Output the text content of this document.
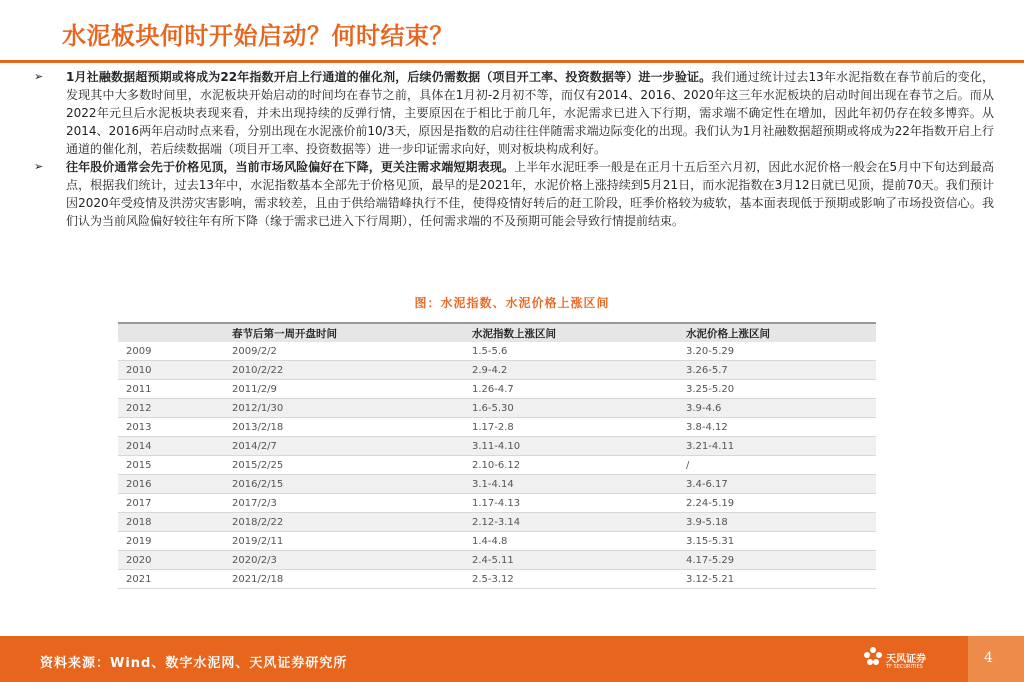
水泥板块何时开始启动？何时结束？
➢ 1月社融数据超预期或将成为22年指数开启上行通道的催化剂，后续仍需数据（项目开工率、投资数据等）进一步验证。我们通过统计过去13年水泥指数在春节前后的变化，发现其中大多数时间里，水泥板块开始启动的时间均在春节之前，具体在1月初-2月初不等，而仅有2014、2016、2020年这三年水泥板块的启动时间出现在春节之后。而从2022年元旦后水泥板块表现来看，并未出现持续的反弹行情，主要原因在于相比于前几年，水泥需求已进入下行期，需求端不确定性在增加，因此年初仍存在较多博弈。从2014、2016两年启动时点来看，分别出现在水泥涨价前10/3天，原因是指数的启动往往伴随需求端边际变化的出现。我们认为1月社融数据超预期或将成为22年指数开启上行通道的催化剂，若后续数据端（项目开工率、投资数据等）进一步印证需求向好，则对板块构成利好。
➢ 往年股价通常会先于价格见顶，当前市场风险偏好在下降，更关注需求端短期表现。上半年水泥旺季一般是在正月十五后至六月初，因此水泥价格一般会在5月中下旬达到最高点，根据我们统计，过去13年中，水泥指数基本全部先于价格见顶，最早的是2021年，水泥价格上涨持续到5月21日，而水泥指数在3月12日就已见顶，提前70天。我们预计因2020年受疫情及洪涝灾害影响，需求较差，且由于供给端错峰执行不佳，使得疫情好转后的赶工阶段，旺季价格较为疲软，基本面表现低于预期或影响了市场投资信心。我们认为当前风险偏好较往年有所下降（缘于需求已进入下行周期），任何需求端的不及预期可能会导致行情提前结束。
图：水泥指数、水泥价格上涨区间
	春节后第一周开盘时间	水泥指数上涨区间	水泥价格上涨区间
2009	2009/2/2	1.5-5.6	3.20-5.29
2010	2010/2/22	2.9-4.2	3.26-5.7
2011	2011/2/9	1.26-4.7	3.25-5.20
2012	2012/1/30	1.6-5.30	3.9-4.6
2013	2013/2/18	1.17-2.8	3.8-4.12
2014	2014/2/7	3.11-4.10	3.21-4.11
2015	2015/2/25	2.10-6.12	/
2016	2016/2/15	3.1-4.14	3.4-6.17
2017	2017/2/3	1.17-4.13	2.24-5.19
2018	2018/2/22	2.12-3.14	3.9-5.18
2019	2019/2/11	1.4-4.8	3.15-5.31
2020	2020/2/3	2.4-5.11	4.17-5.29
2021	2021/2/18	2.5-3.12	3.12-5.21
资料来源：Wind、数字水泥网、天风证券研究所	天风证券
TF SECURITIES
4
